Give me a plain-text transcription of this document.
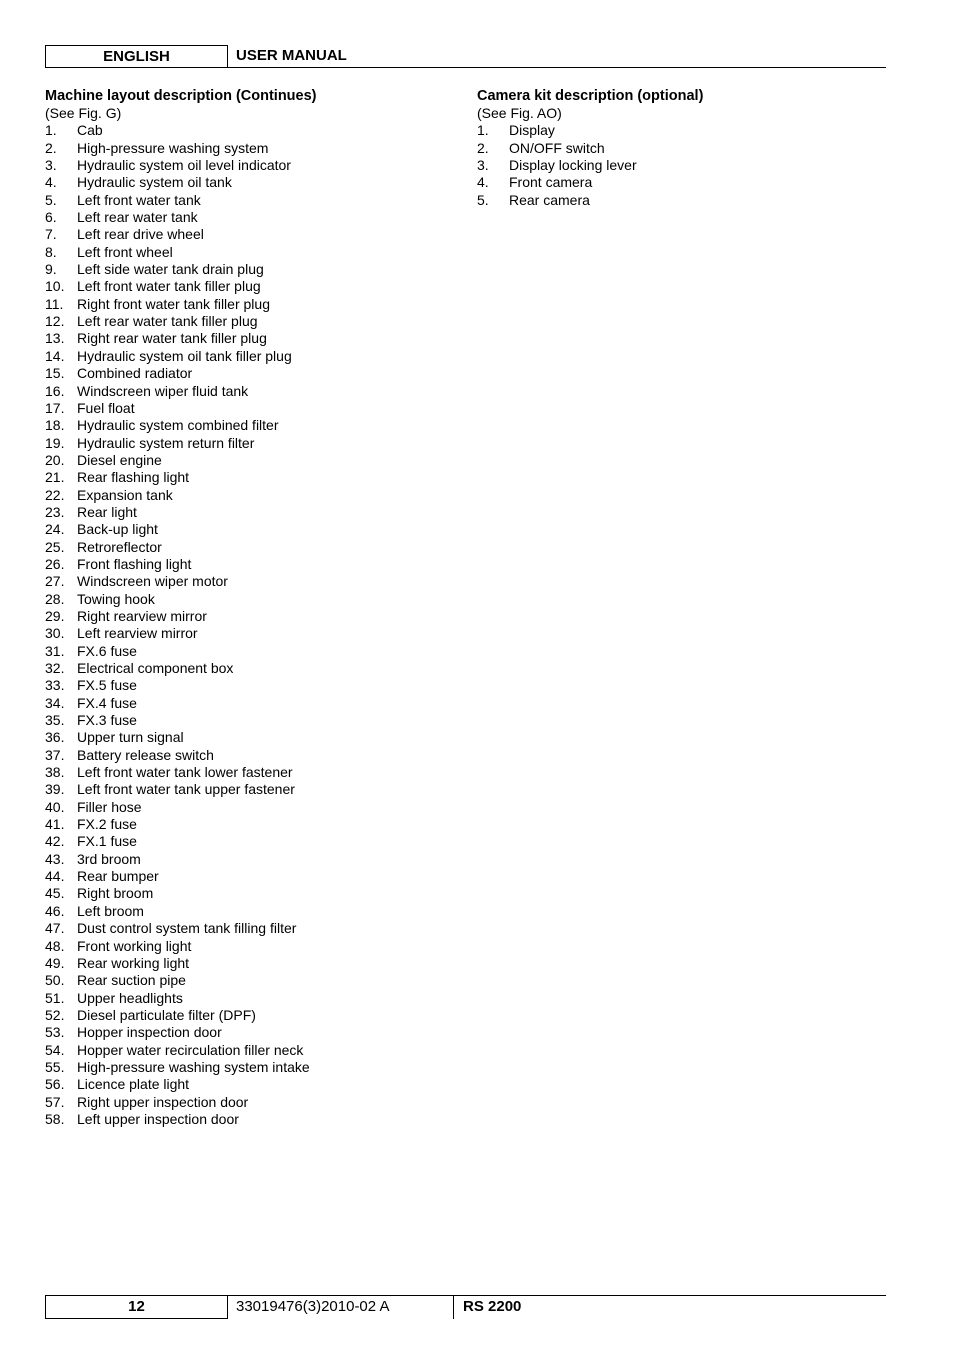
ENGLISH	USER MANUAL
Machine layout description (Continues)

(See Fig. G)

1.	Cab
2.	High-pressure washing system
3.	Hydraulic system oil level indicator
4.	Hydraulic system oil tank
5.	Left front water tank
6.	Left rear water tank
7.	Left rear drive wheel
8.	Left front wheel
9.	Left side water tank drain plug
10. Left front water tank filler plug
11. Right front water tank filler plug
12. Left rear water tank filler plug
13. Right rear water tank filler plug
14. Hydraulic system oil tank filler plug
15. Combined radiator
16. Windscreen wiper fluid tank
17. Fuel float
18. Hydraulic system combined filter
19. Hydraulic system return filter
20. Diesel engine
21. Rear flashing light
22. Expansion tank
23. Rear light
24. Back-up light
25. Retroreflector
26. Front flashing light
27. Windscreen wiper motor
28. Towing hook
29. Right rearview mirror
30. Left rearview mirror
31. FX.6 fuse
32. Electrical component box
33. FX.5 fuse
34. FX.4 fuse
35. FX.3 fuse
36. Upper turn signal
37. Battery release switch
38. Left front water tank lower fastener
39. Left front water tank upper fastener
40. Filler hose
41. FX.2 fuse
42. FX.1 fuse
43. 3rd broom
44. Rear bumper
45. Right broom
46. Left broom
47. Dust control system tank filling filter
48. Front working light
49. Rear working light
50. Rear suction pipe
51. Upper headlights
52. Diesel particulate filter (DPF)
53. Hopper inspection door
54. Hopper water recirculation filler neck
55. High-pressure washing system intake
56. Licence plate light
57. Right upper inspection door
58. Left upper inspection door
Camera kit description (optional)

(See Fig. AO)

1.	Display
2.	ON/OFF switch
3.	Display locking lever
4.	Front camera
5.	Rear camera
12	33019476(3)2010-02 A	RS 2200
